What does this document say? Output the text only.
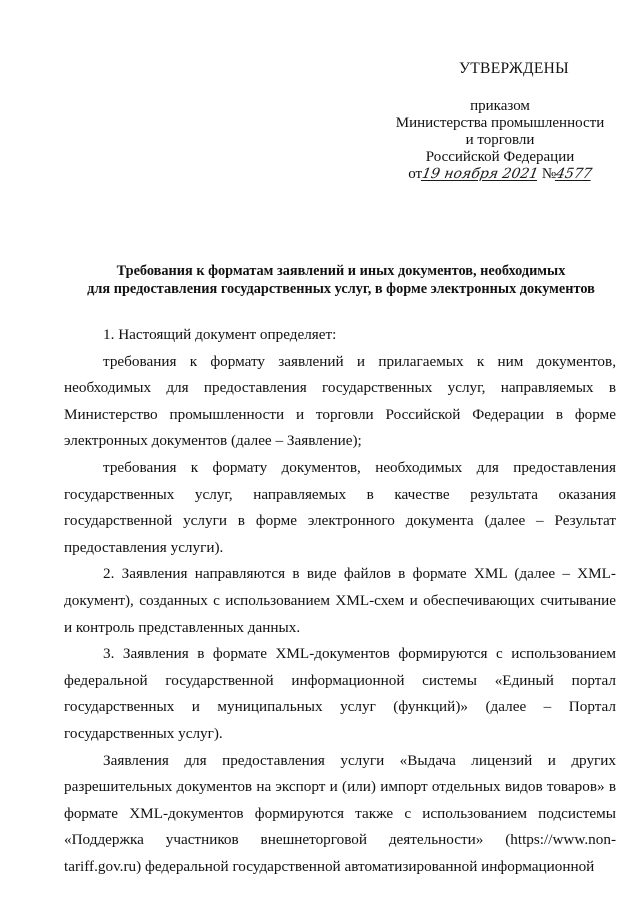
УТВЕРЖДЕНЫ
приказом
Министерства промышленности
и торговли
Российской Федерации
от19 ноября 2021 №4577
Требования к форматам заявлений и иных документов, необходимых
для предоставления государственных услуг, в форме электронных документов

1. Настоящий документ определяет:

требования к формату заявлений и прилагаемых к ним документов, необходимых для предоставления государственных услуг, направляемых в Министерство промышленности и торговли Российской Федерации в форме электронных документов (далее – Заявление);

требования к формату документов, необходимых для предоставления государственных услуг, направляемых в качестве результата оказания государственной услуги в форме электронного документа (далее – Результат предоставления услуги).

2. Заявления направляются в виде файлов в формате XML (далее – XML-документ), созданных с использованием XML-схем и обеспечивающих считывание и контроль представленных данных.

3. Заявления в формате XML-документов формируются с использованием федеральной государственной информационной системы «Единый портал государственных и муниципальных услуг (функций)» (далее – Портал государственных услуг).

Заявления для предоставления услуги «Выдача лицензий и других разрешительных документов на экспорт и (или) импорт отдельных видов товаров» в формате XML-документов формируются также с использованием подсистемы «Поддержка участников внешнеторговой деятельности» (https://www.non-tariff.gov.ru) федеральной государственной автоматизированной информационной
